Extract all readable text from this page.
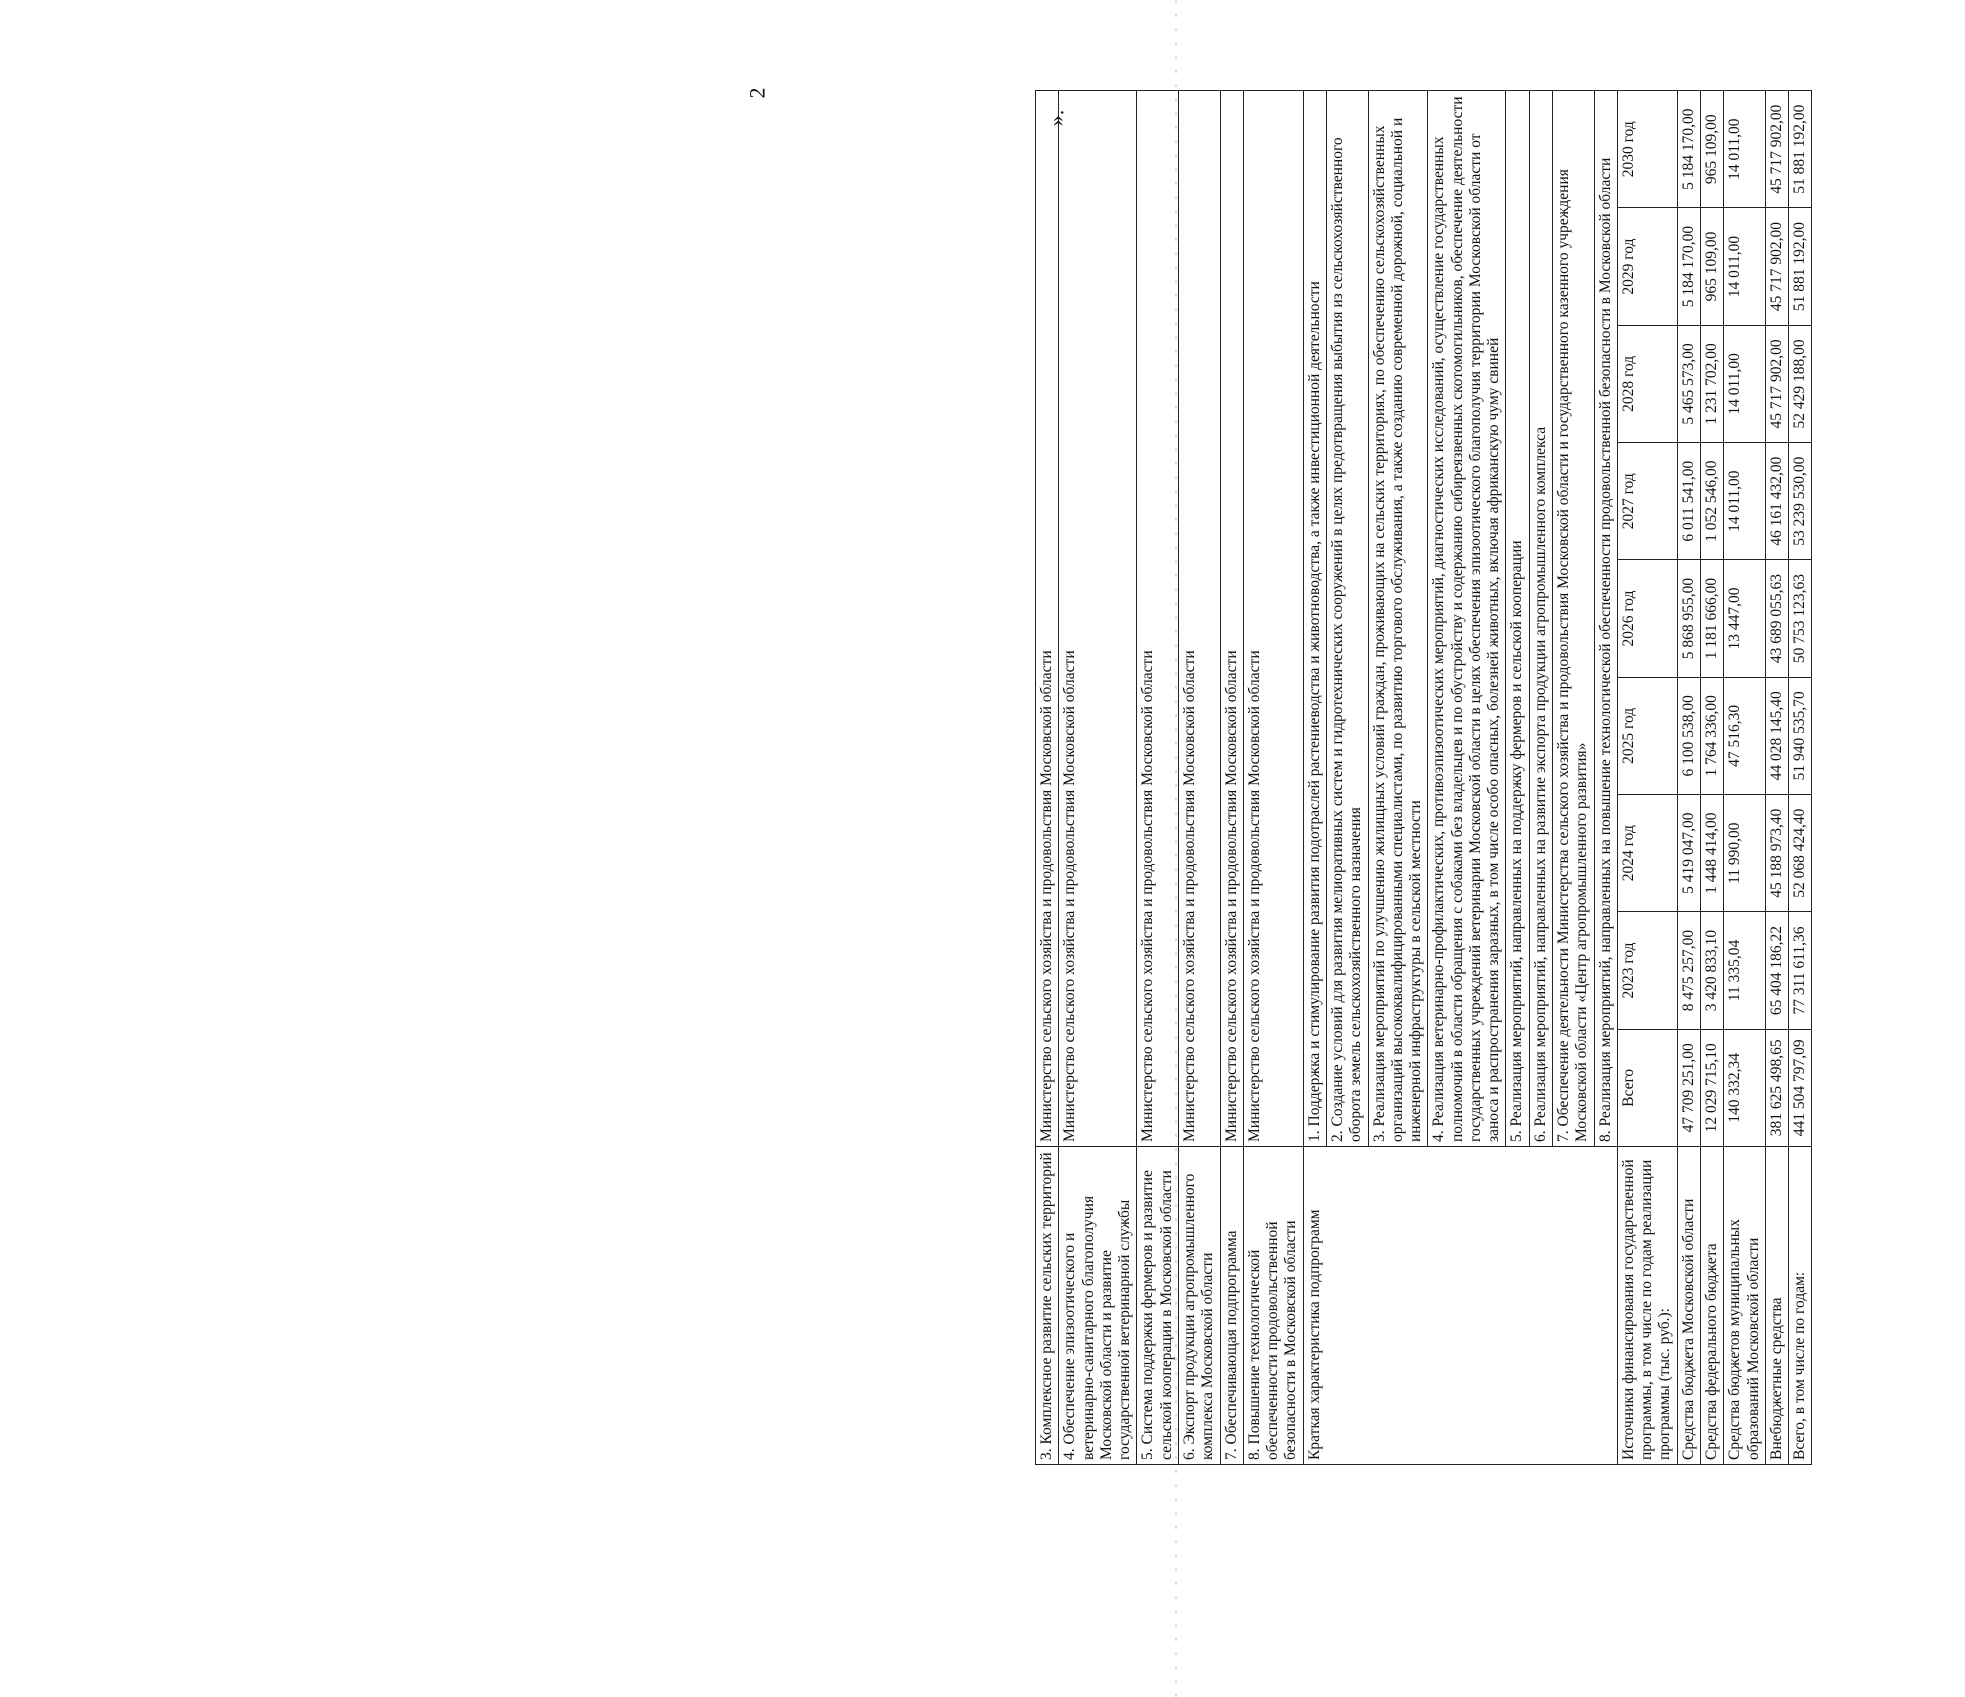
2
3. Комплексное развитие сельских территорий	Министерство сельского хозяйства и продовольствия Московской области								
4. Обеспечение эпизоотического и ветеринарно-санитарного благополучия Московской области и развитие государственной ветеринарной службы	Министерство сельского хозяйства и продовольствия Московской области								
5. Система поддержки фермеров и развитие сельской кооперации в Московской области	Министерство сельского хозяйства и продовольствия Московской области								
6. Экспорт продукции агропромышленного комплекса Московской области	Министерство сельского хозяйства и продовольствия Московской области								
7. Обеспечивающая подпрограмма	Министерство сельского хозяйства и продовольствия Московской области								
8. Повышение технологической обеспеченности продовольственной безопасности в Московской области	Министерство сельского хозяйства и продовольствия Московской области								
Краткая характеристика подпрограмм	1. Поддержка и стимулирование развития подотраслей растениеводства и животноводства, а также инвестиционной деятельности								
	2. Создание условий для развития мелиоративных систем и гидротехнических сооружений в целях предотвращения выбытия из сельскохозяйственного оборота земель сельскохозяйственного назначения								
	3. Реализация мероприятий по улучшению жилищных условий граждан, проживающих на сельских территориях, по обеспечению сельскохозяйственных организаций высококвалифицированными специалистами, по развитию торгового обслуживания, а также созданию современной дорожной, социальной и инженерной инфраструктуры в сельской местности								
	4. Реализация ветеринарно-профилактических, противоэпизоотических мероприятий, диагностических исследований, осуществление государственных полномочий в области обращения с собаками без владельцев и по обустройству и содержанию сибиреязвенных скотомогильников, обеспечение деятельности государственных учреждений ветеринарии Московской области в целях обеспечения эпизоотического благополучия территории Московской области от заноса и распространения заразных, в том числе особо опасных, болезней животных, включая африканскую чуму свиней								
	5. Реализация мероприятий, направленных на поддержку фермеров и сельской кооперации								
	6. Реализация мероприятий, направленных на развитие экспорта продукции агропромышленного комплекса								
	7. Обеспечение деятельности Министерства сельского хозяйства и продовольствия Московской области и государственного казенного учреждения Московской области «Центр агропромышленного развития»								
	8. Реализация мероприятий, направленных на повышение технологической обеспеченности продовольственной безопасности в Московской области								
Источники финансирования государственной программы, в том числе по годам реализации программы (тыс. руб.):	Всего	2023 год	2024 год	2025 год	2026 год	2027 год	2028 год	2029 год	2030 год
Средства бюджета Московской области	47 709 251,00	8 475 257,00	5 419 047,00	6 100 538,00	5 868 955,00	6 011 541,00	5 465 573,00	5 184 170,00	5 184 170,00
Средства федерального бюджета	12 029 715,10	3 420 833,10	1 448 414,00	1 764 336,00	1 181 666,00	1 052 546,00	1 231 702,00	965 109,00	965 109,00
Средства бюджетов муниципальных образований Московской области	140 332,34	11 335,04	11 990,00	47 516,30	13 447,00	14 011,00	14 011,00	14 011,00	14 011,00
Внебюджетные средства	381 625 498,65	65 404 186,22	45 188 973,40	44 028 145,40	43 689 055,63	46 161 432,00	45 717 902,00	45 717 902,00	45 717 902,00
Всего, в том числе по годам:	441 504 797,09	77 311 611,36	52 068 424,40	51 940 535,70	50 753 123,63	53 239 530,00	52 429 188,00	51 881 192,00	51 881 192,00
».
